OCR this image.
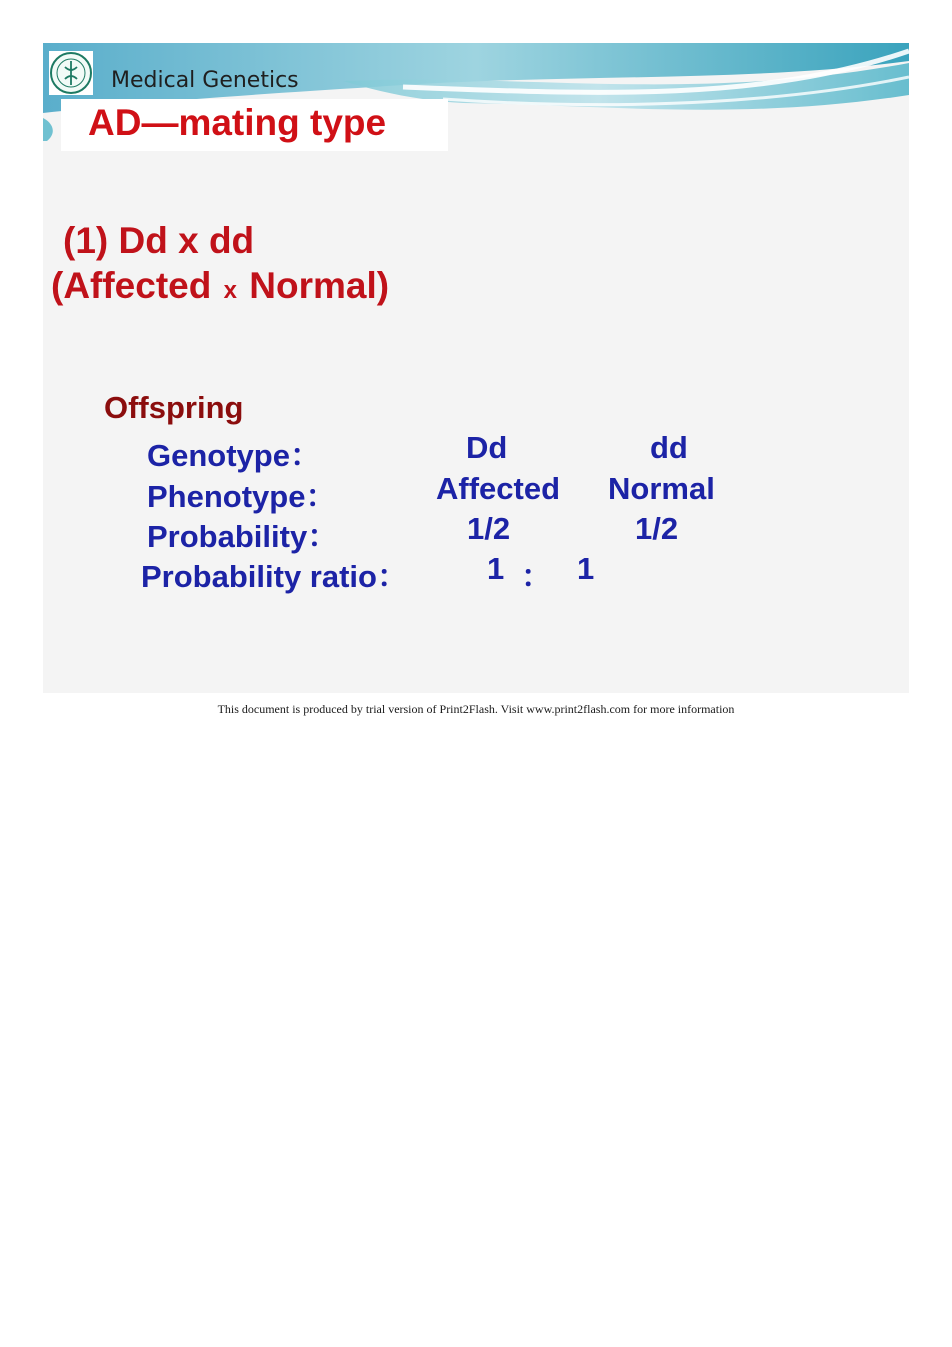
Medical Genetics
AD—mating type
(1) Dd x dd
(Affected x Normal)
Offspring
Genotype：	Dd	dd
Phenotype：	Affected Normal
Probability：	1/2	1/2
Probability ratio：	1 ： 1
This document is produced by trial version of Print2Flash. Visit www.print2flash.com for more information
